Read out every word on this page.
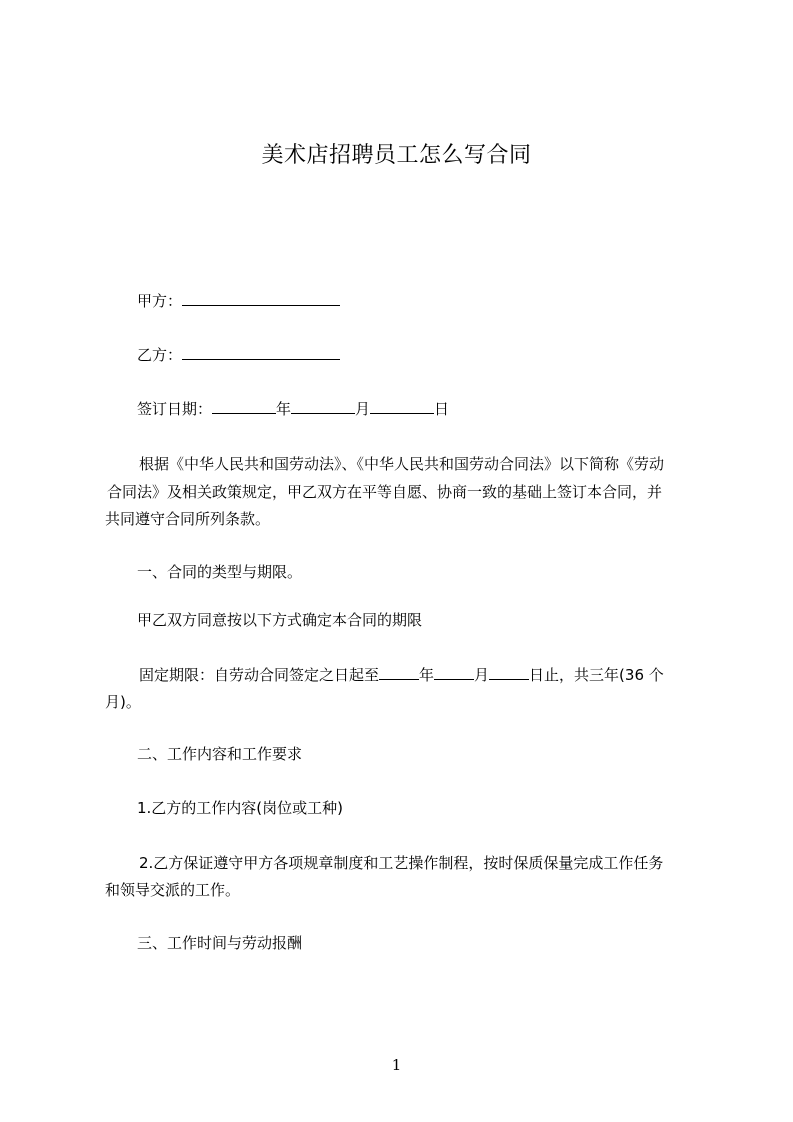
美术店招聘员工怎么写合同
甲方：
乙方：
签订日期：	年	月	日
根据《中华人民共和国劳动法》、《中华人民共和国劳动合同法》以下简称《劳动
合同法》及相关政策规定，甲乙双方在平等自愿、协商一致的基础上签订本合同，并
共同遵守合同所列条款。
一、合同的类型与期限。
甲乙双方同意按以下方式确定本合同的期限
固定期限：自劳动合同签定之日起至	年	月	日止，共三年(36 个
月)。
二、工作内容和工作要求
1.乙方的工作内容(岗位或工种)
2.乙方保证遵守甲方各项规章制度和工艺操作制程，按时保质保量完成工作任务
和领导交派的工作。
三、工作时间与劳动报酬
1
